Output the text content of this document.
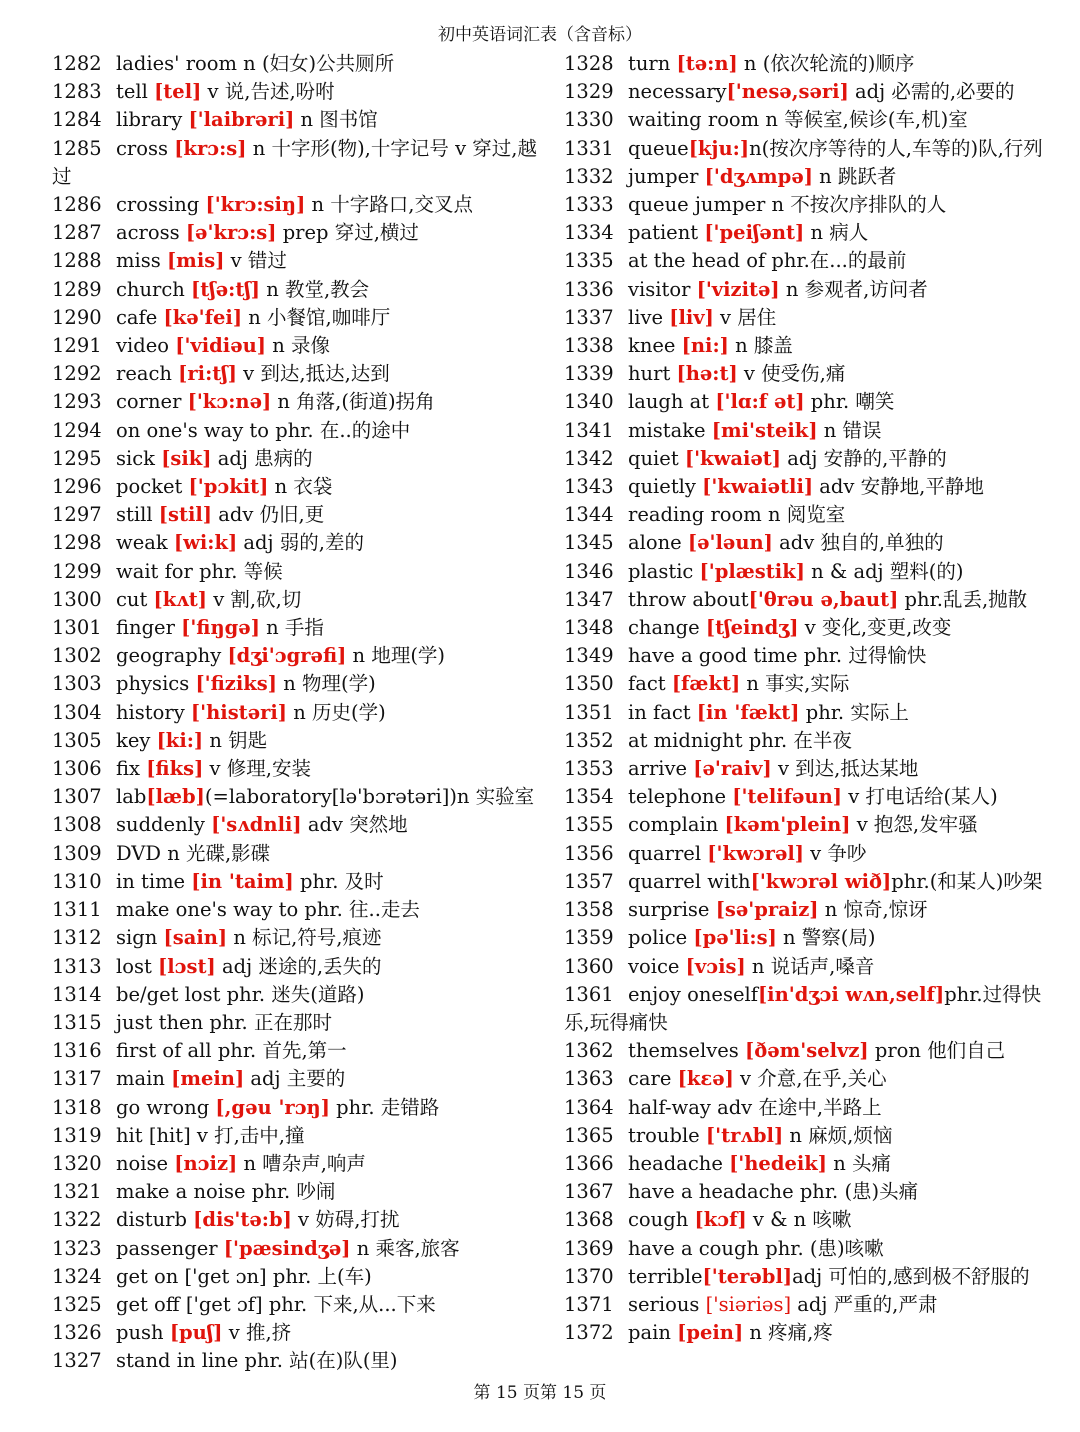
初中英语词汇表（含音标）
1282 ladies' room n (妇女)公共厕所
1283 tell [tel] v 说,告述,吩咐
1284 library ['laibrəri] n 图书馆
1285 cross [krɔ:s] n 十字形(物),十字记号 v 穿过,越过
1286 crossing ['krɔ:siŋ] n 十字路口,交叉点
1287 across [ə'krɔ:s] prep 穿过,横过
1288 miss [mis] v 错过
1289 church [tʃə:tʃ] n 教堂,教会
1290 cafe [kə'fei] n 小餐馆,咖啡厅
1291 video ['vidiəu] n 录像
1292 reach [ri:tʃ] v 到达,抵达,达到
1293 corner ['kɔ:nə] n 角落,(街道)拐角
1294 on one's way to phr. 在..的途中
1295 sick [sik] adj 患病的
1296 pocket ['pɔkit] n 衣袋
1297 still [stil] adv 仍旧,更
1298 weak [wi:k] adj 弱的,差的
1299 wait for phr. 等候
1300 cut [kʌt] v 割,砍,切
1301 finger ['fiŋgə] n 手指
1302 geography [dʒi'ɔgrəfi] n 地理(学)
1303 physics ['fiziks] n 物理(学)
1304 history ['histəri] n 历史(学)
1305 key [ki:] n 钥匙
1306 fix [fiks] v 修理,安装
1307 lab[læb](=laboratory[lə'bɔrətəri])n 实验室
1308 suddenly ['sʌdnli] adv 突然地
1309 DVD n 光碟,影碟
1310 in time [in 'taim] phr. 及时
1311 make one's way to phr. 往..走去
1312 sign [sain] n 标记,符号,痕迹
1313 lost [lɔst] adj 迷途的,丢失的
1314 be/get lost phr. 迷失(道路)
1315 just then phr. 正在那时
1316 first of all phr. 首先,第一
1317 main [mein] adj 主要的
1318 go wrong [,gəu 'rɔŋ] phr. 走错路
1319 hit [hit] v 打,击中,撞
1320 noise [nɔiz] n 嘈杂声,响声
1321 make a noise phr. 吵闹
1322 disturb [dis'tə:b] v 妨碍,打扰
1323 passenger ['pæsindʒə] n 乘客,旅客
1324 get on ['get ɔn] phr. 上(车)
1325 get off ['get ɔf] phr. 下来,从...下来
1326 push [puʃ] v 推,挤
1327 stand in line phr. 站(在)队(里)
1328 turn [tə:n] n (依次轮流的)顺序
1329 necessary['nesə,səri] adj 必需的,必要的
1330 waiting room n 等候室,候诊(车,机)室
1331 queue[kju:]n(按次序等待的人,车等的)队,行列
1332 jumper ['dʒʌmpə] n 跳跃者
1333 queue jumper n 不按次序排队的人
1334 patient ['peiʃənt] n 病人
1335 at the head of phr.在...的最前
1336 visitor ['vizitə] n 参观者,访问者
1337 live [liv] v 居住
1338 knee [ni:] n 膝盖
1339 hurt [hə:t] v 使受伤,痛
1340 laugh at ['lɑ:f ət] phr. 嘲笑
1341 mistake [mi'steik] n 错误
1342 quiet ['kwaiət] adj 安静的,平静的
1343 quietly ['kwaiətli] adv 安静地,平静地
1344 reading room n 阅览室
1345 alone [ə'ləun] adv 独自的,单独的
1346 plastic ['plæstik] n & adj 塑料(的)
1347 throw about['θrəu ə,baut] phr.乱丢,抛散
1348 change [tʃeindʒ] v 变化,变更,改变
1349 have a good time phr. 过得愉快
1350 fact [fækt] n 事实,实际
1351 in fact [in 'fækt] phr. 实际上
1352 at midnight phr. 在半夜
1353 arrive [ə'raiv] v 到达,抵达某地
1354 telephone ['telifəun] v 打电话给(某人)
1355 complain [kəm'plein] v 抱怨,发牢骚
1356 quarrel ['kwɔrəl] v 争吵
1357 quarrel with['kwɔrəl wið]phr.(和某人)吵架
1358 surprise [sə'praiz] n 惊奇,惊讶
1359 police [pə'li:s] n 警察(局)
1360 voice [vɔis] n 说话声,嗓音
1361 enjoy oneself[in'dʒɔi wʌn,self]phr.过得快乐,玩得痛快
1362 themselves [ðəm'selvz] pron 他们自己
1363 care [kɛə] v 介意,在乎,关心
1364 half-way adv 在途中,半路上
1365 trouble ['trʌbl] n 麻烦,烦恼
1366 headache ['hedeik] n 头痛
1367 have a headache phr. (患)头痛
1368 cough [kɔf] v & n 咳嗽
1369 have a cough phr. (患)咳嗽
1370 terrible['terəbl]adj 可怕的,感到极不舒服的
1371 serious ['siəriəs] adj 严重的,严肃
1372 pain [pein] n 疼痛,疼
第 15 页第 15 页
